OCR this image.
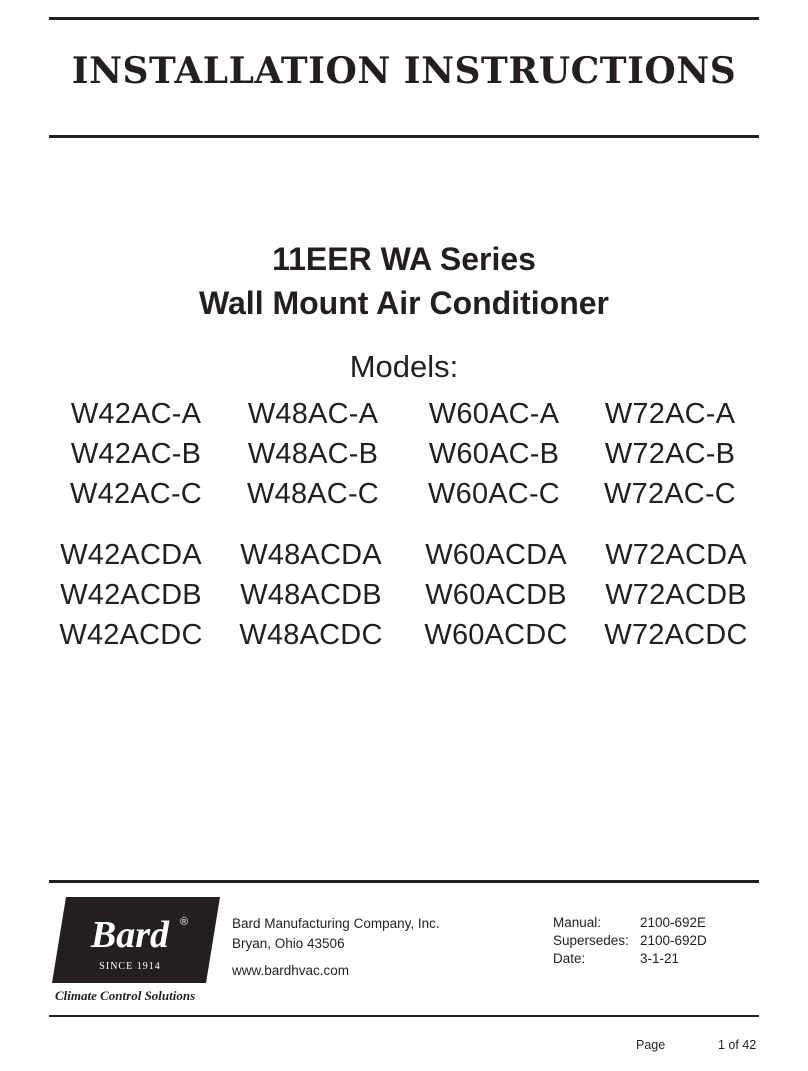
INSTALLATION INSTRUCTIONS
11EER WA Series
Wall Mount Air Conditioner
Models:
W42AC-A W48AC-A W60AC-A W72AC-A
W42AC-B W48AC-B W60AC-B W72AC-B
W42AC-C W48AC-C W60AC-C W72AC-C
W42ACDA W48ACDA W60ACDA W72ACDA
W42ACDB W48ACDB W60ACDB W72ACDB
W42ACDC W48ACDC W60ACDC W72ACDC
Bard ®
SINCE 1914
Climate Control Solutions
Bard Manufacturing Company, Inc.
Bryan, Ohio 43506
www.bardhvac.com
Manual:	2100-692E
Supersedes: 2100-692D
Date:	3-1-21
Page	1 of 42
